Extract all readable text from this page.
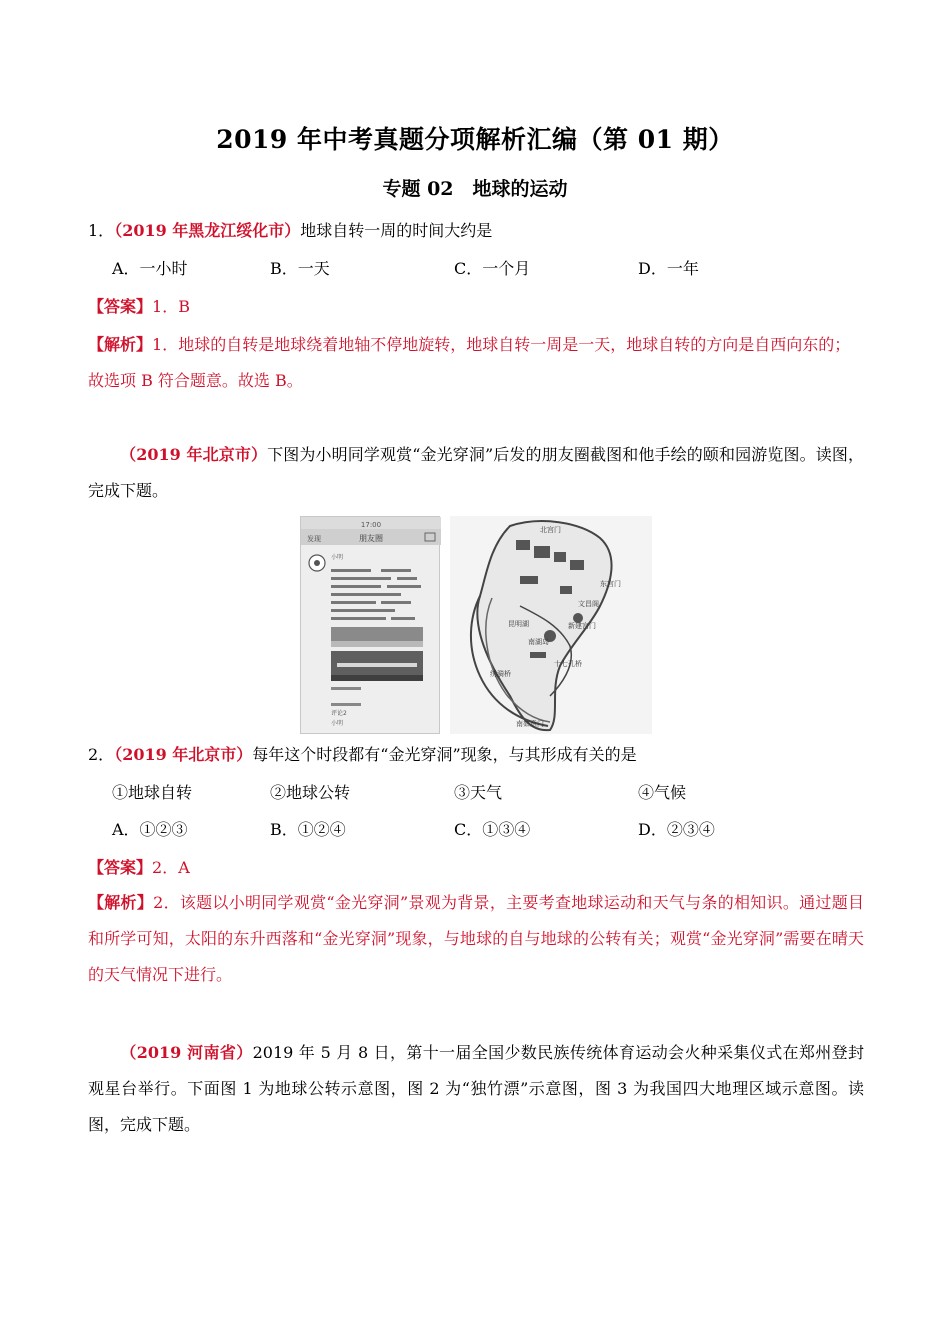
2019 年中考真题分项解析汇编（第 01 期）
专题 02　地球的运动
1．（2019 年黑龙江绥化市）地球自转一周的时间大约是
A．一小时	B．一天	C．一个月	D．一年
【答案】1．B
【解析】1．地球的自转是地球绕着地轴不停地旋转，地球自转一周是一天，地球自转的方向是自西向东的；
故选项 B 符合题意。故选 B。
（2019 年北京市）下图为小明同学观赏“金光穿洞”后发的朋友圈截图和他手绘的颐和园游览图。读图，完成下题。
17:00
发现	朋友圈
小明
评论2
小明
北宫门
南如意门
东宫门
昆明湖
南湖岛
文昌阁
十七孔桥
绣漪桥
新建宫门
2．（2019 年北京市）每年这个时段都有“金光穿洞”现象，与其形成有关的是
①地球自转	②地球公转	③天气	④气候
A．①②③	B．①②④	C．①③④	D．②③④
【答案】2．A
【解析】2．该题以小明同学观赏“金光穿洞”景观为背景，主要考查地球运动和天气与条的相知识。通过题目和所学可知，太阳的东升西落和“金光穿洞”现象，与地球的自与地球的公转有关；观赏“金光穿洞”需要在晴天的天气情况下进行。
（2019 河南省）2019 年 5 月 8 日，第十一届全国少数民族传统体育运动会火种采集仪式在郑州登封观星台举行。下面图 1 为地球公转示意图，图 2 为“独竹漂”示意图，图 3 为我国四大地理区域示意图。读图，完成下题。
